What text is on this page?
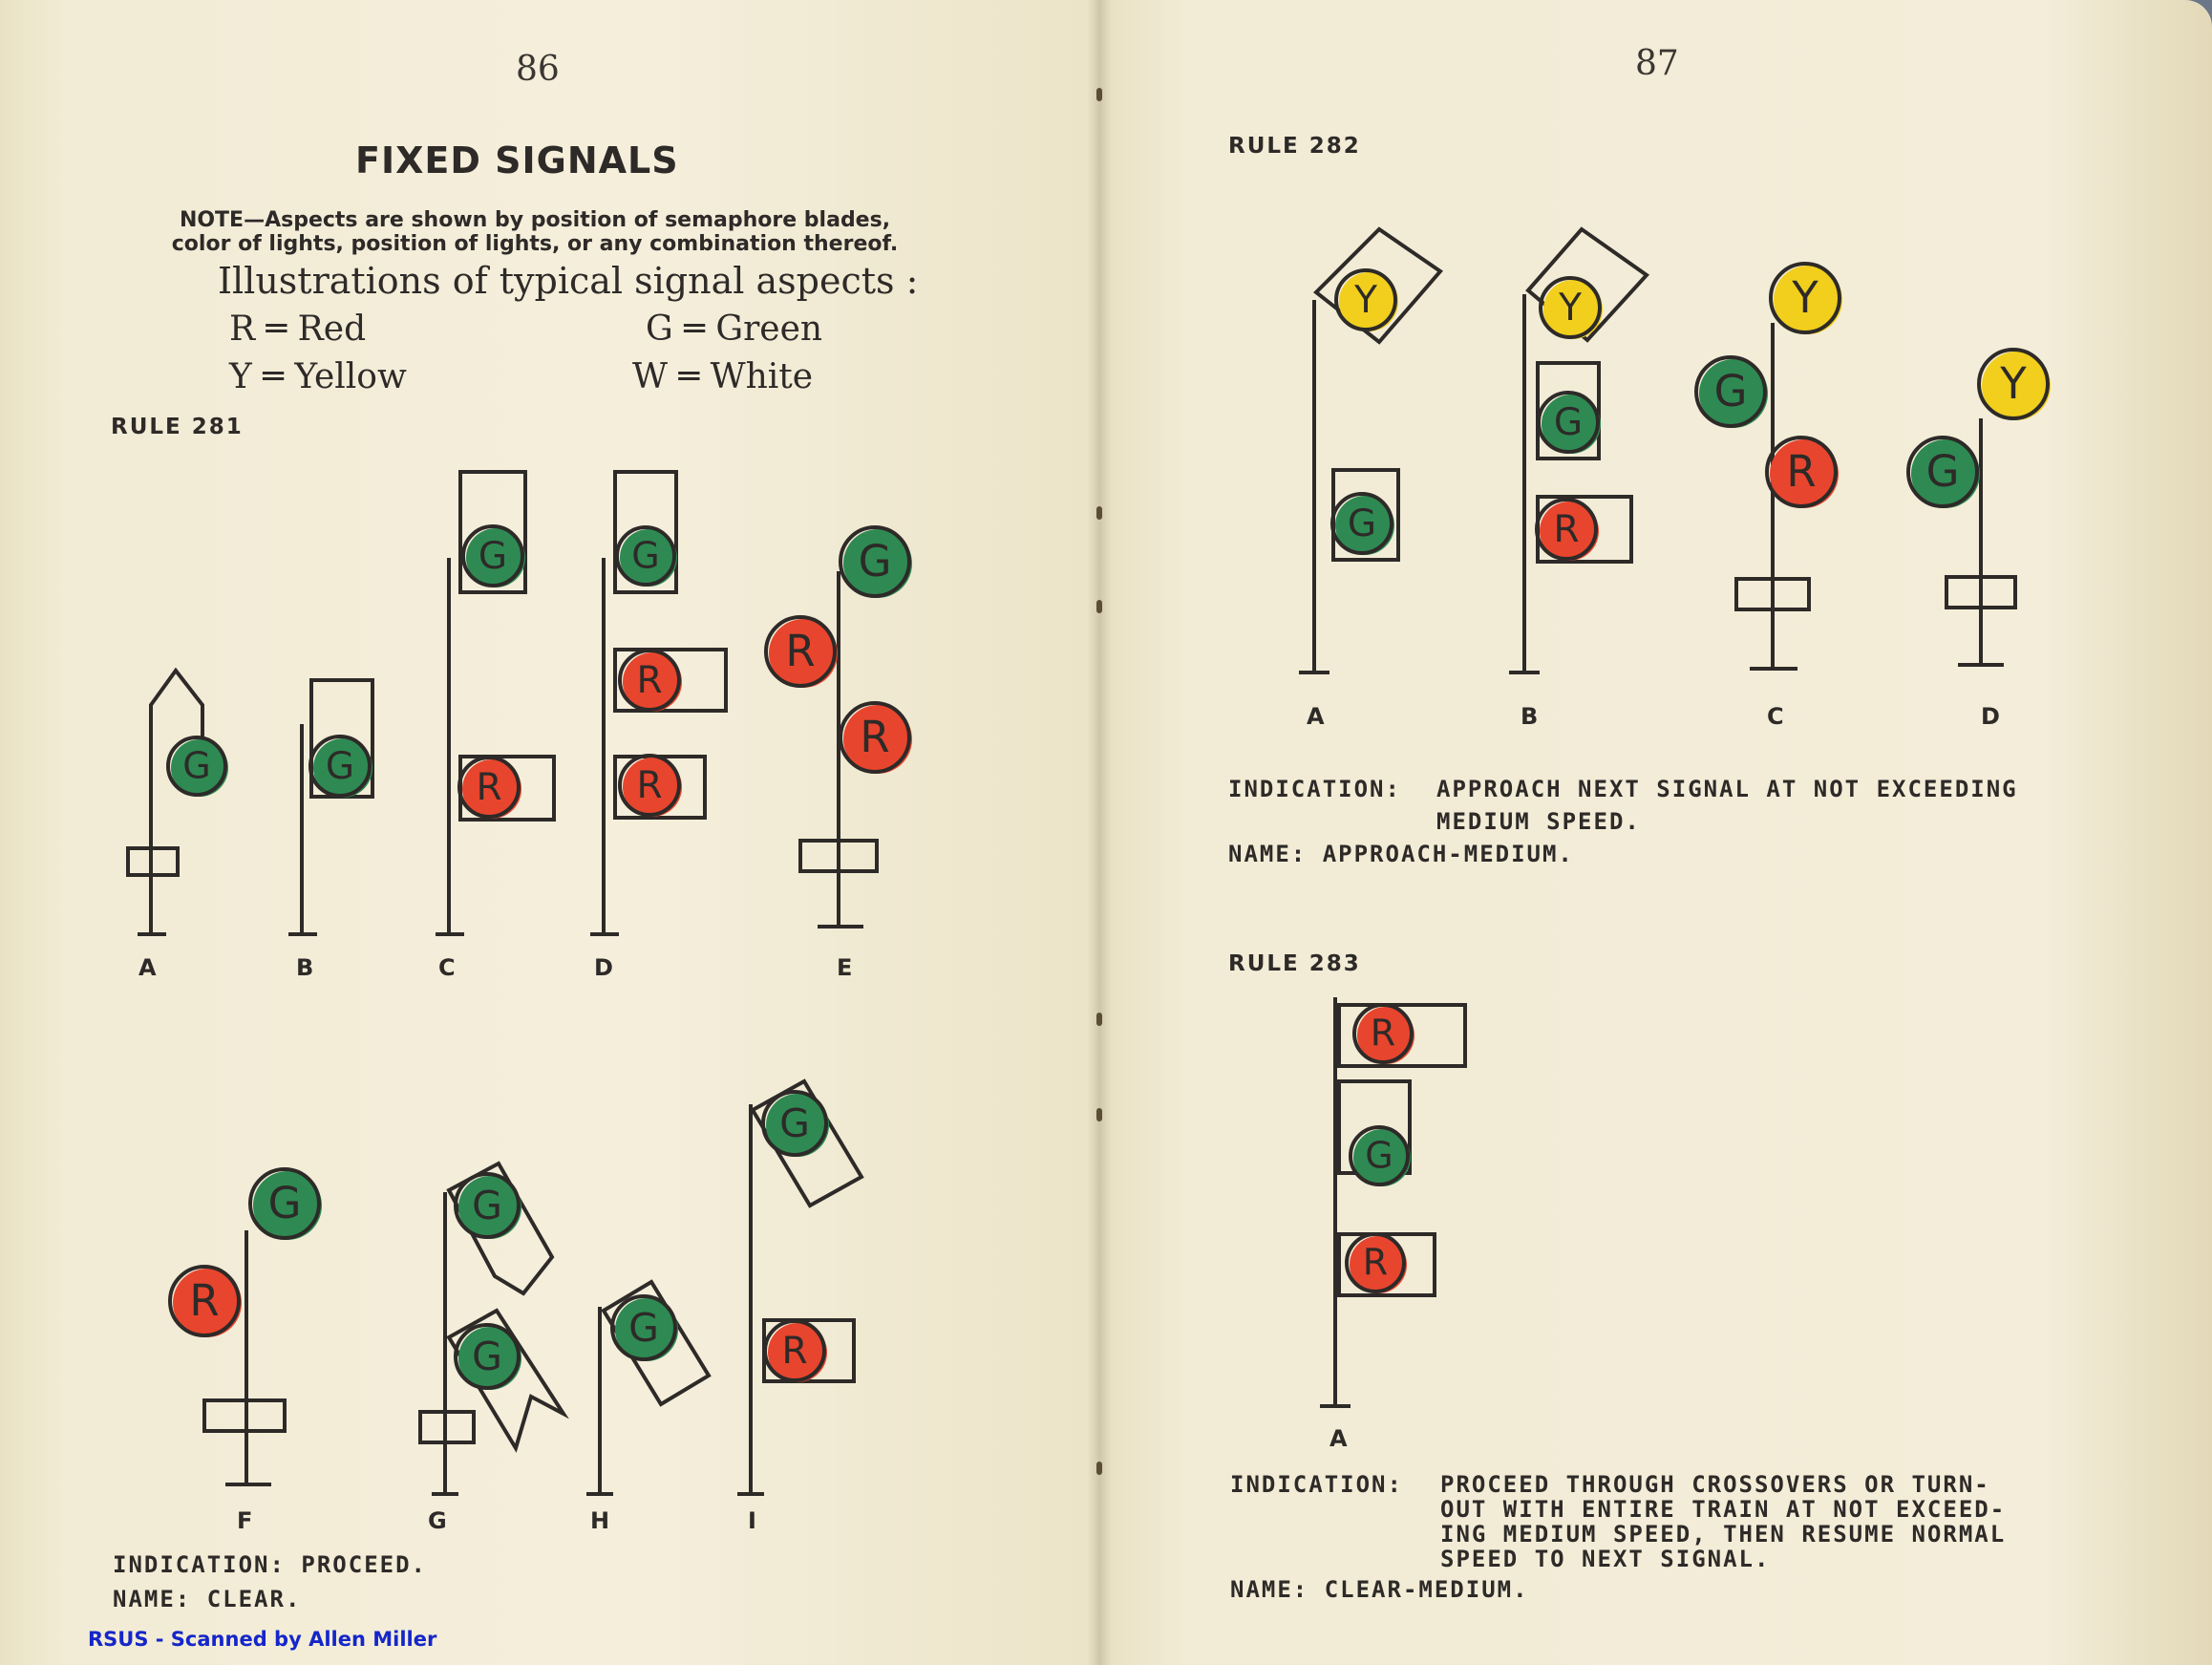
86
FIXED SIGNALS
NOTE—Aspects are shown by position of semaphore blades,
color of lights, position of lights, or any combination thereof.
Illustrations of typical signal aspects :
R ═ Red	G ═ Green
Y ═ Yellow	W ═ White
RULE 281
A	B	C	D	E
F	G	H	I
INDICATION: PROCEED.
NAME: CLEAR.
87
RULE 282
A	B	C	D
INDICATION: APPROACH NEXT SIGNAL AT NOT EXCEEDING
MEDIUM SPEED.
NAME: APPROACH-MEDIUM.
RULE 283
A
INDICATION: PROCEED THROUGH CROSSOVERS OR TURN-
OUT WITH ENTIRE TRAIN AT NOT EXCEED-
ING MEDIUM SPEED, THEN RESUME NORMAL
SPEED TO NEXT SIGNAL.
NAME: CLEAR-MEDIUM.
G	G
G
R
G
R
R
G
R
R
G
R
G
G
G
G
R
Y
G
Y
G
R
Y
G
R
Y
G
R
G
R
RSUS - Scanned by Allen Miller
